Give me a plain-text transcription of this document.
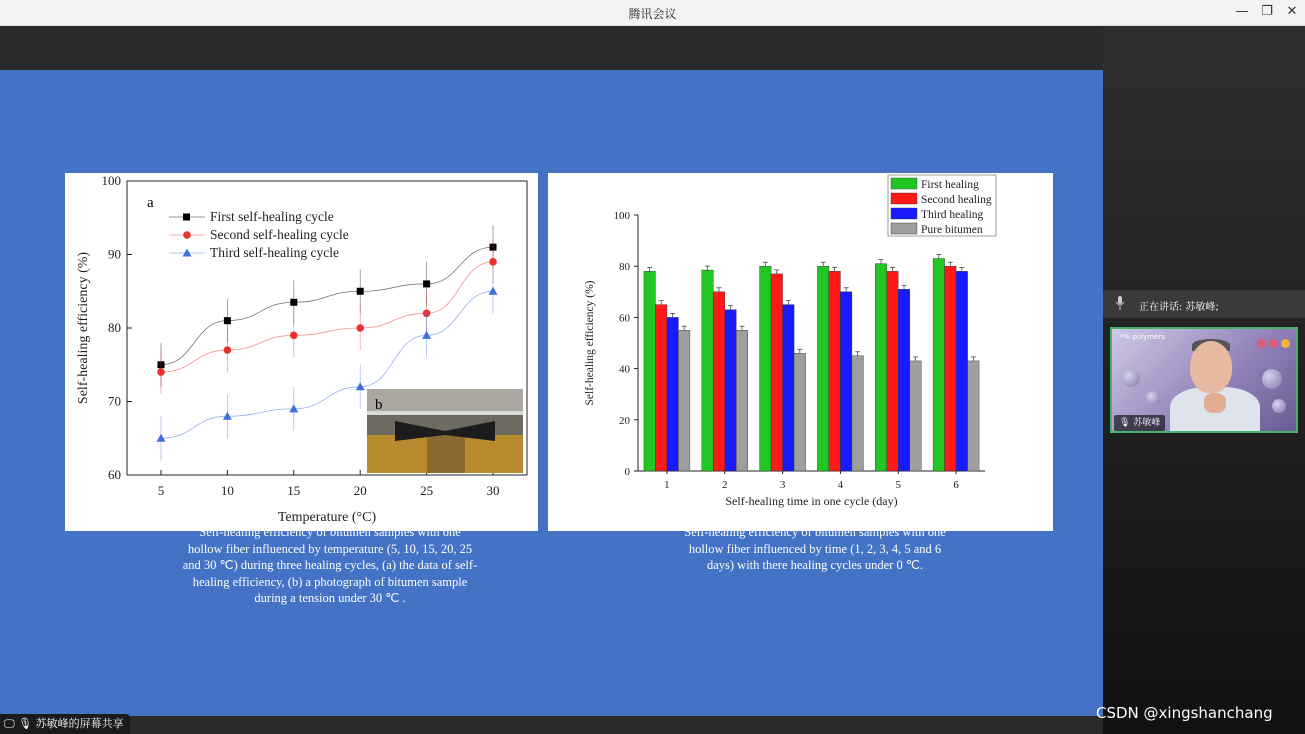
腾讯会议	— ❐	✕
60
70
80
90
100
5	10	15	20	25	30
Temperature (°C)
Self-healing efficiency (%)
First self-healing cycle
Second self-healing cycle
Third self-healing cycle
a
b
0
20
40
60
80
100
1	2	3	4	5	6
Self-healing time in one cycle (day)
Self-healing efficiency (%)
First healing
Second healing
Third healing
Pure bitumen
Self-healing efficiency of bitumen samples with one
hollow fiber influenced by temperature (5, 10, 15, 20, 25
and 30 ℃) during three healing cycles, (a) the data of self-
healing efficiency, (b) a photograph of bitumen sample
during a tension under 30 ℃ .
Self-healing efficiency of bitumen samples with one
hollow fiber influenced by time (1, 2, 3, 4, 5 and 6
days) with there healing cycles under 0 ℃.
正在讲话: 苏敏峰;
*% polymers
🎙 苏敏峰
🖵 🎙 苏敏峰的屏幕共享
CSDN @xingshanchang
